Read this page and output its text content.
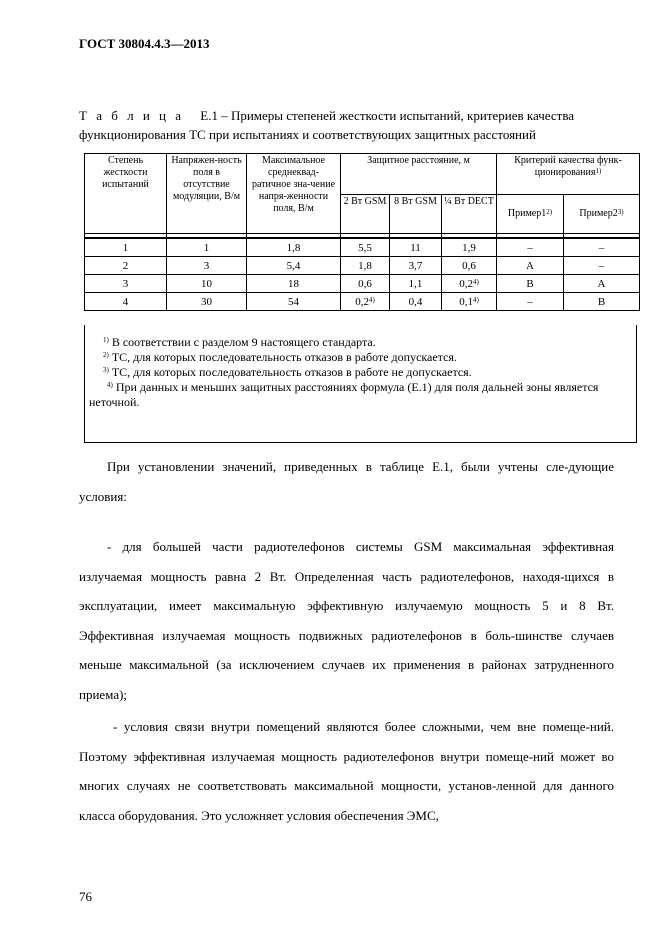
ГОСТ 30804.4.3—2013
Т а б л и ц а Е.1 – Примеры степеней жесткости испытаний, критериев качества
функционирования ТС при испытаниях и соответствующих защитных расстояний
Степень жесткости испытаний	Напряжен-ность поля в отсутствие модуляции, В/м	Максимальное среднеквад-ратичное зна-чение напря-женности поля, В/м	Защитное расстояние, м			Критерий качества функ-ционирования$^{1)}$
			2 Вт GSM	8 Вт GSM	¼ Вт DECT	Пример1$^{2)}$	Пример2$^{3)}$

1	1	1,8	5,5	11	1,9	–	–
2	3	5,4	1,8	3,7	0,6	A	–
3	10	18	0,6	1,1	0,2$^{4)}$	B	A
4	30	54	0,2$^{4)}$	0,4	0,1$^{4)}$	–	B
$^{1)}$ В соответствии с разделом 9 настоящего стандарта.
$^{2)}$ ТС, для которых последовательность отказов в работе допускается.
$^{3)}$ ТС, для которых последовательность отказов в работе не допускается.
$^{4)}$ При данных и меньших защитных расстояниях формула (Е.1) для поля дальней зоны является неточной.
При установлении значений, приведенных в таблице Е.1, были учтены сле-дующие условия:
- для большей части радиотелефонов системы GSM максимальная эффективная излучаемая мощность равна 2 Вт. Определенная часть радиотелефонов, находя-щихся в эксплуатации, имеет максимальную эффективную излучаемую мощность 5 и 8 Вт. Эффективная излучаемая мощность подвижных радиотелефонов в боль-шинстве случаев меньше максимальной (за исключением случаев их применения в районах затрудненного приема);
- условия связи внутри помещений являются более сложными, чем вне помеще-ний. Поэтому эффективная излучаемая мощность радиотелефонов внутри помеще-ний может во многих случаях не соответствовать максимальной мощности, установ-ленной для данного класса оборудования. Это усложняет условия обеспечения ЭМС,
76
